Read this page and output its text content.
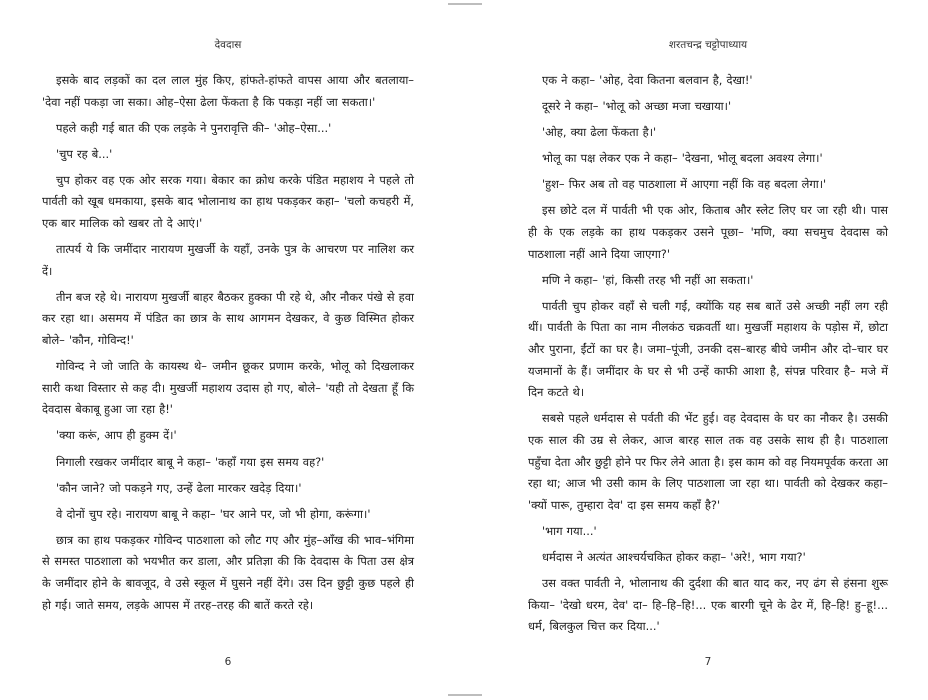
देवदास

इसके बाद लड़कों का दल लाल मुंह किए, हांफते-हांफते वापस आया और बतलाया– 'देवा नहीं पकड़ा जा सका। ओह–ऐसा ढेला फेंकता है कि पकड़ा नहीं जा सकता।'

पहले कही गई बात की एक लड़के ने पुनरावृत्ति की– 'ओह–ऐसा...'

'चुप रह बे...'

चुप होकर वह एक ओर सरक गया। बेकार का क्रोध करके पंडित महाशय ने पहले तो पार्वती को खूब धमकाया, इसके बाद भोलानाथ का हाथ पकड़कर कहा– 'चलो कचहरी में, एक बार मालिक को खबर तो दे आएं।'

तात्पर्य ये कि जमींदार नारायण मुखर्जी के यहाँ, उनके पुत्र के आचरण पर नालिश कर दें।

तीन बज रहे थे। नारायण मुखर्जी बाहर बैठकर हुक्का पी रहे थे, और नौकर पंखे से हवा कर रहा था। असमय में पंडित का छात्र के साथ आगमन देखकर, वे कुछ विस्मित होकर बोले– 'कौन, गोविन्द!'

गोविन्द ने जो जाति के कायस्थ थे– जमीन छूकर प्रणाम करके, भोलू को दिखलाकर सारी कथा विस्तार से कह दी। मुखर्जी महाशय उदास हो गए, बोले– 'यही तो देखता हूँ कि देवदास बेकाबू हुआ जा रहा है!'

'क्या करूं, आप ही हुक्म दें।'

निगाली रखकर जमींदार बाबू ने कहा– 'कहाँ गया इस समय वह?'

'कौन जाने? जो पकड़ने गए, उन्हें ढेला मारकर खदेड़ दिया।'

वे दोनों चुप रहे। नारायण बाबू ने कहा– 'घर आने पर, जो भी होगा, करूंगा।'

छात्र का हाथ पकड़कर गोविन्द पाठशाला को लौट गए और मुंह–आँख की भाव–भंगिमा से समस्त पाठशाला को भयभीत कर डाला, और प्रतिज्ञा की कि देवदास के पिता उस क्षेत्र के जमींदार होने के बावजूद, वे उसे स्कूल में घुसने नहीं देंगे। उस दिन छुट्टी कुछ पहले ही हो गई। जाते समय, लड़के आपस में तरह–तरह की बातें करते रहे।

6
शरतचन्द्र चट्टोपाध्याय

एक ने कहा– 'ओह, देवा कितना बलवान है, देखा!'

दूसरे ने कहा– 'भोलू को अच्छा मजा चखाया।'

'ओह, क्या ढेला फेंकता है।'

भोलू का पक्ष लेकर एक ने कहा– 'देखना, भोलू बदला अवश्य लेगा।'

'हुश– फिर अब तो वह पाठशाला में आएगा नहीं कि वह बदला लेगा।'

इस छोटे दल में पार्वती भी एक ओर, किताब और स्लेट लिए घर जा रही थी। पास ही के एक लड़के का हाथ पकड़कर उसने पूछा– 'मणि, क्या सचमुच देवदास को पाठशाला नहीं आने दिया जाएगा?'

मणि ने कहा– 'हां, किसी तरह भी नहीं आ सकता।'

पार्वती चुप होकर वहाँ से चली गई, क्योंकि यह सब बातें उसे अच्छी नहीं लग रही थीं। पार्वती के पिता का नाम नीलकंठ चक्रवर्ती था। मुखर्जी महाशय के पड़ोस में, छोटा और पुराना, ईंटों का घर है। जमा–पूंजी, उनकी दस–बारह बीघे जमीन और दो–चार घर यजमानों के हैं। जमींदार के घर से भी उन्हें काफी आशा है, संपन्न परिवार है– मजे में दिन कटते थे।

सबसे पहले धर्मदास से पर्वती की भेंट हुई। वह देवदास के घर का नौकर है। उसकी एक साल की उम्र से लेकर, आज बारह साल तक वह उसके साथ ही है। पाठशाला पहुँचा देता और छुट्टी होने पर फिर लेने आता है। इस काम को वह नियमपूर्वक करता आ रहा था; आज भी उसी काम के लिए पाठशाला जा रहा था। पार्वती को देखकर कहा– 'क्यों पारू, तुम्हारा देव' दा इस समय कहाँ है?'

'भाग गया...'

धर्मदास ने अत्यंत आश्चर्यचकित होकर कहा– 'अरे!, भाग गया?'

उस वक्त पार्वती ने, भोलानाथ की दुर्दशा की बात याद कर, नए ढंग से हंसना शुरू किया– 'देखो धरम, देव' दा– हि–हि–हि!... एक बारगी चूने के ढेर में, हि–हि! हु–हू!... धर्म, बिलकुल चित्त कर दिया...'

7
